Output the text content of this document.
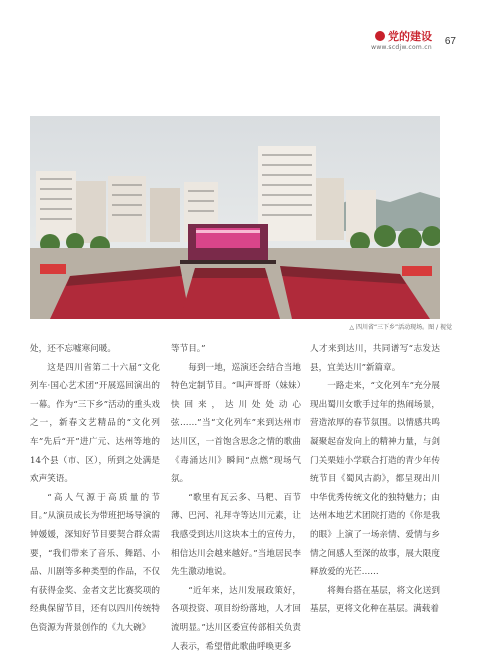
党的建设
www.scdjw.com.cn
67
△ 四川省“三下乡”活动现场。图 / 视觉

处，还不忘嘘寒问暖。

这是四川省第二十六届“文化列车·国心艺术团”开展巡回演出的一幕。作为“三下乡”活动的重头戏之一，新春文艺精品的“文化列车”先后“开”进广元、达州等地的14个县（市、区），所到之处满是欢声笑语。

“高人气源于高质量的节目。”从演员成长为带班把场导演的钟媛媛，深知好节目要契合群众需要，“我们带来了音乐、舞蹈、小品、川剧等多种类型的作品，不仅有获得金奖、金者文艺比赛奖项的经典保留节目，还有以四川传统特色资源为背景创作的《九大碗》

等节目。”

每到一地，巡演还会结合当地特色定制节目。“叫声哥哥（妹妹）快回来，达川处处动心弦……”当“文化列车”来到达州市达川区，一首饱含思念之情的歌曲《毒涌达川》瞬间“点燃”现场气氛。

“歌里有瓦云多、马粑、百节薄、巴河、礼拜寺等达川元素，让我感受到达川这块本土的宣传力，相信达川会越来越好。”当地居民李先生激动地说。

“近年来，达川发展政策好，各项投资、项目纷纷落地，人才回流明显。”达川区委宣传部相关负责人表示，希望借此歌曲呼唤更多

人才来到达川，共同谱写“志发达县，宜美达川”新篇章。

一路走来，“文化列车”充分展现出蜀川女歌手过年的热闹场景，营造浓厚的春节氛围。以情感共鸣凝聚起奋发向上的精神力量，与剑门关栗娃小学联合打造的青少年传统节目《蜀风古韵》，都呈现出川中华优秀传统文化的独特魅力；由达州本地艺术团院打造的《你是我的眼》上演了一场亲情、爱情与乡情之间感人至深的故事，展大限度释放爱的光芒……

将舞台搭在基层，将文化送到基层，更将文化种在基层。满载着
